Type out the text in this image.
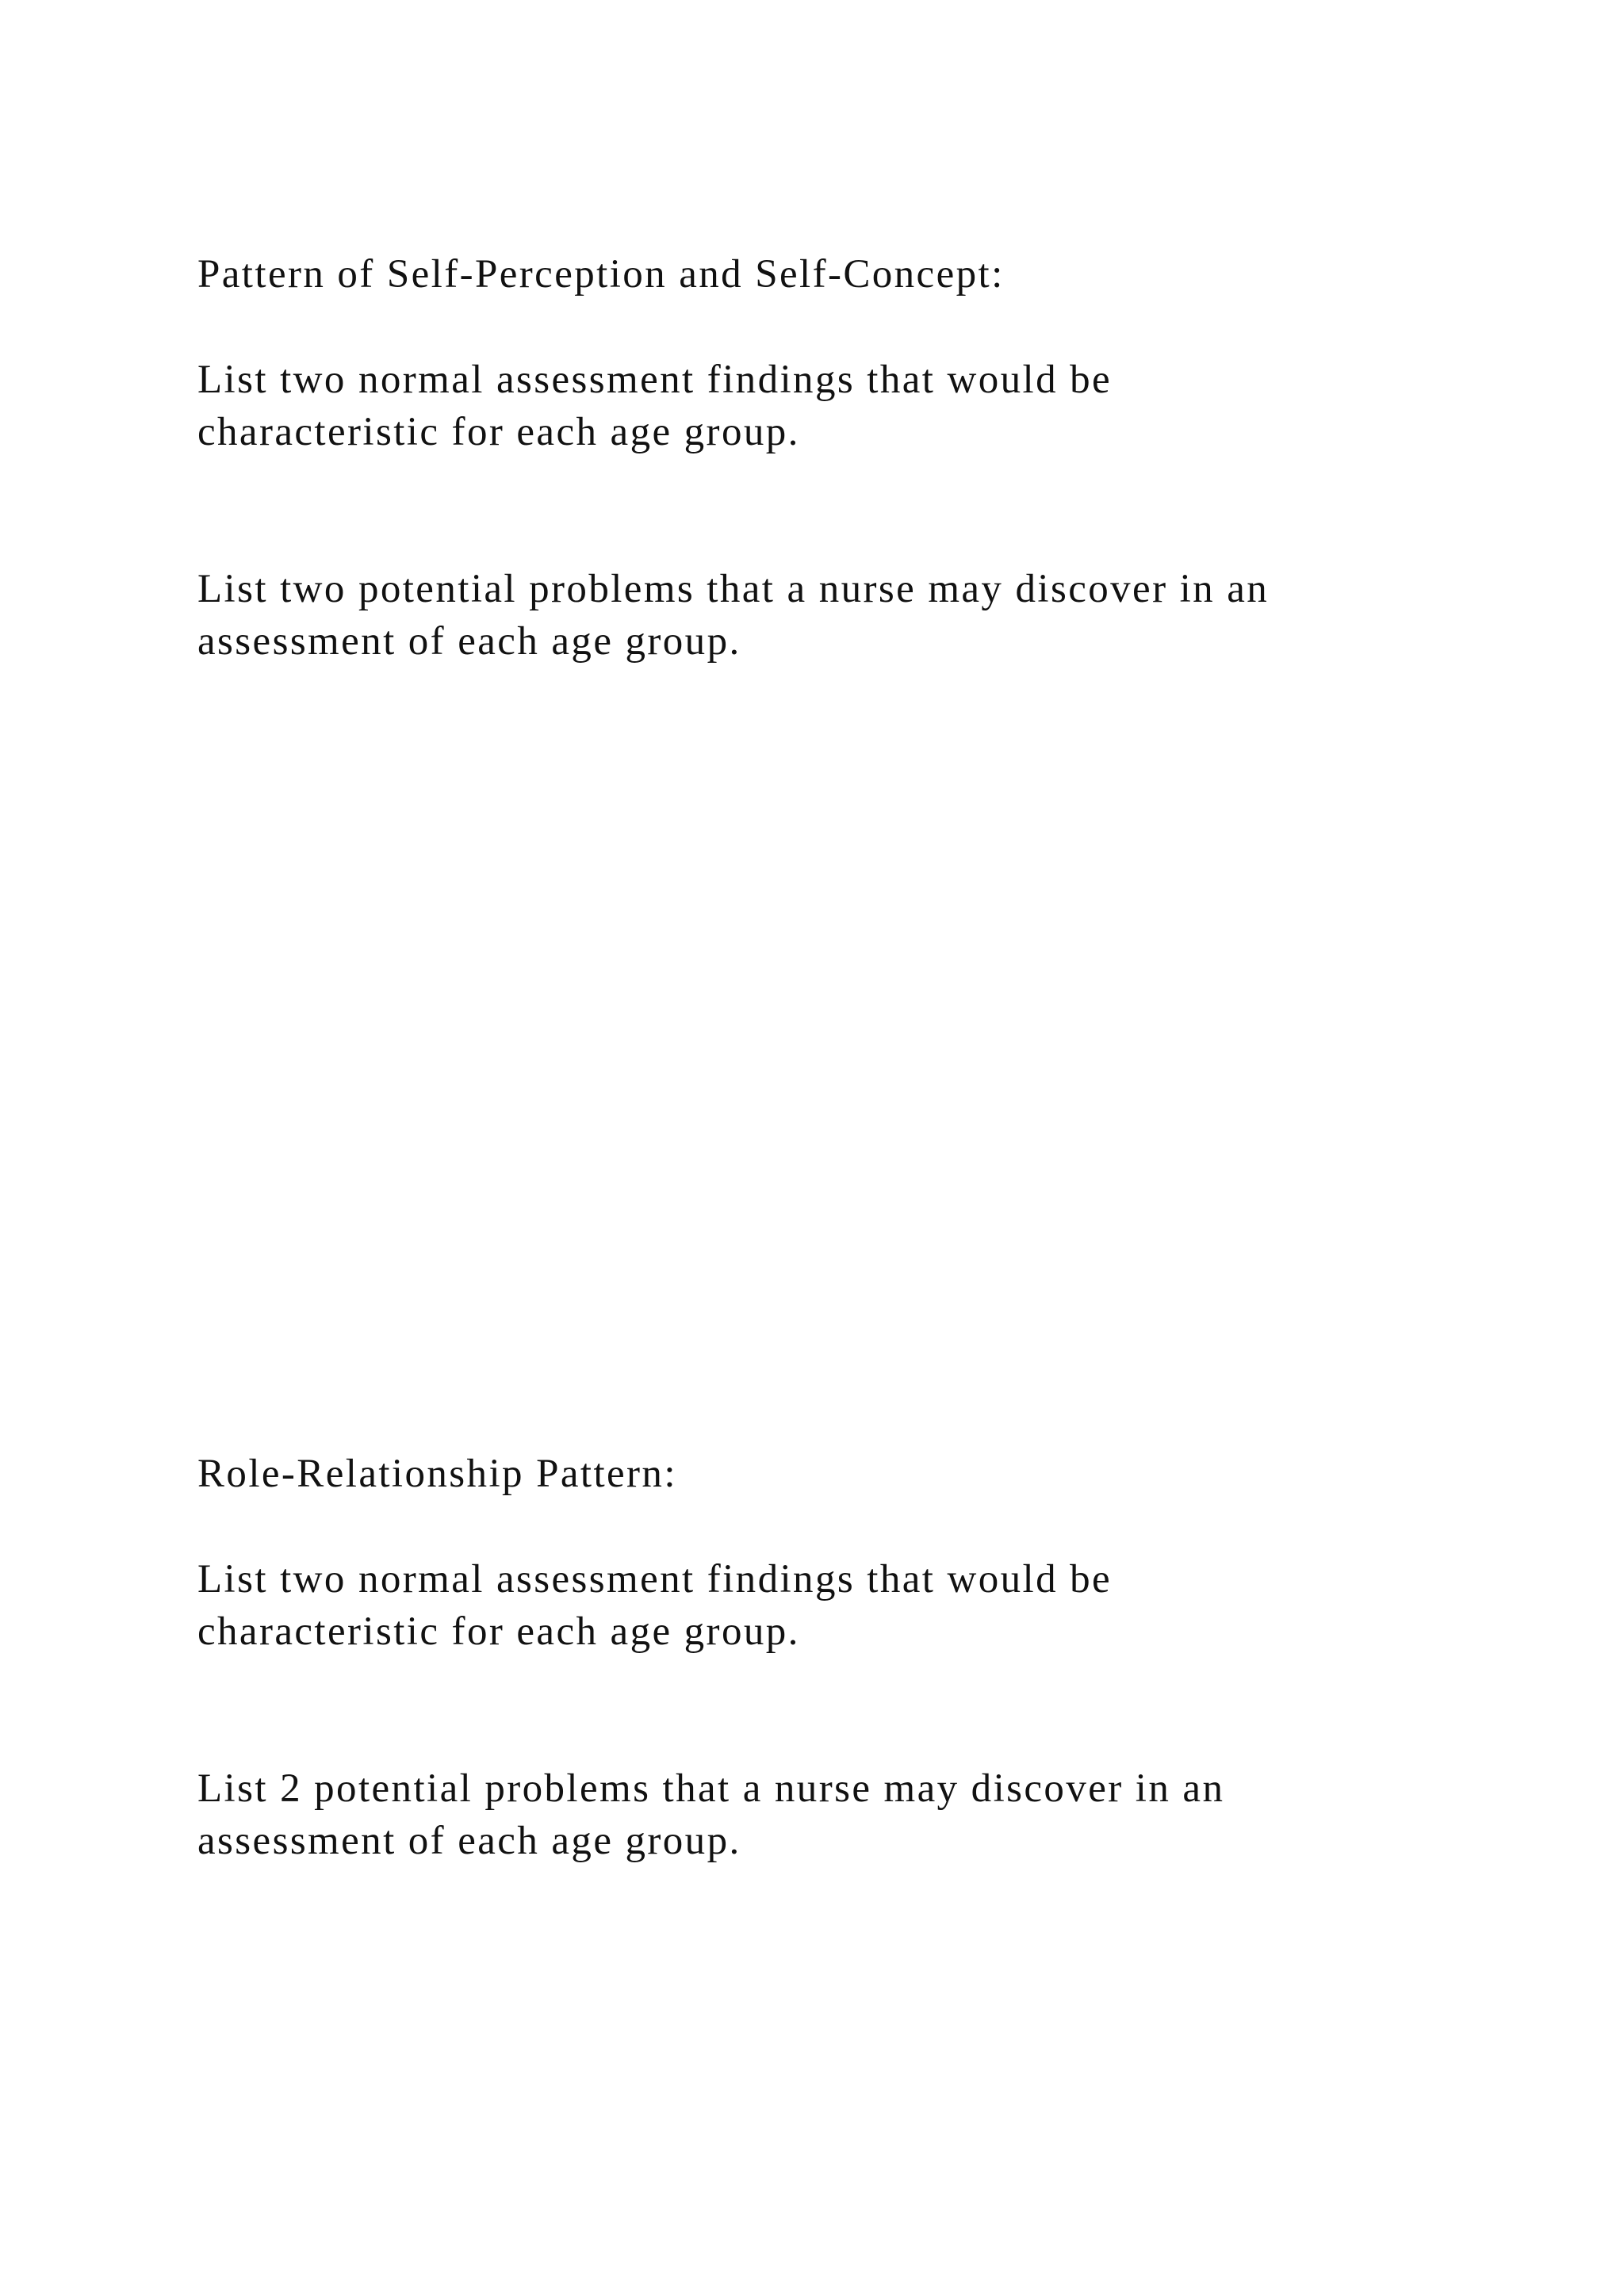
Pattern of Self-Perception and Self-Concept:

List two normal assessment findings that would be

characteristic for each age group.

List two potential problems that a nurse may discover in an

assessment of each age group.

Role-Relationship Pattern:

List two normal assessment findings that would be

characteristic for each age group.

List 2 potential problems that a nurse may discover in an

assessment of each age group.
